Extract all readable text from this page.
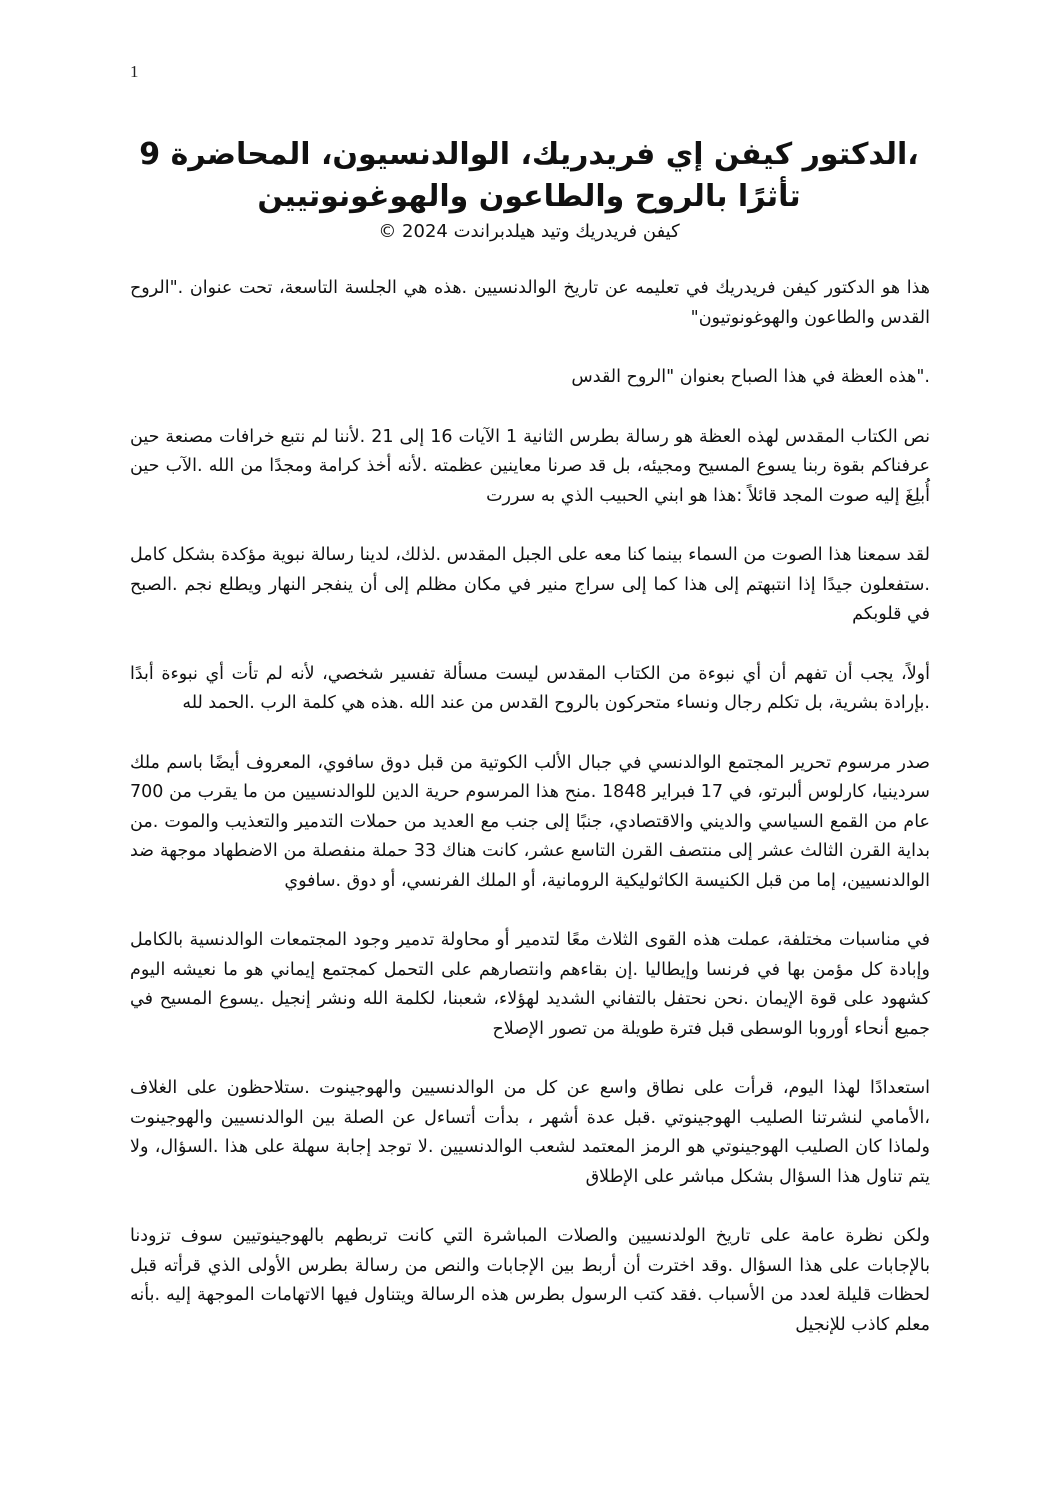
1
،الدكتور كيفن إي فريدريك، الوالدنسيون، المحاضرة 9
تأثرًا بالروح والطاعون والهوغونوتيين
كيفن فريدريك وتيد هيلدبراندت 2024 ©

هذا هو الدكتور كيفن فريدريك في تعليمه عن تاريخ الوالدنسيين .هذه هي الجلسة التاسعة، تحت عنوان ."الروح القدس والطاعون والهوغونوتيون"

."هذه العظة في هذا الصباح بعنوان "الروح القدس

نص الكتاب المقدس لهذه العظة هو رسالة بطرس الثانية 1 الآيات 16 إلى 21 .لأننا لم نتبع خرافات مصنعة حين عرفناكم بقوة ربنا يسوع المسيح ومجيئه، بل قد صرنا معاينين عظمته .لأنه أخذ كرامة ومجدًا من الله .الآب حين أُبلِغَ إليه صوت المجد قائلاً :هذا هو ابني الحبيب الذي به سررت

لقد سمعنا هذا الصوت من السماء بينما كنا معه على الجبل المقدس .لذلك، لدينا رسالة نبوية مؤكدة بشكل كامل .ستفعلون جيدًا إذا انتبهتم إلى هذا كما إلى سراج منير في مكان مظلم إلى أن ينفجر النهار ويطلع نجم .الصبح في قلوبكم

أولاً، يجب أن تفهم أن أي نبوءة من الكتاب المقدس ليست مسألة تفسير شخصي، لأنه لم تأت أي نبوءة أبدًا .بإرادة بشرية، بل تكلم رجال ونساء متحركون بالروح القدس من عند الله .هذه هي كلمة الرب .الحمد لله

صدر مرسوم تحرير المجتمع الوالدنسي في جبال الألب الكوتية من قبل دوق سافوي، المعروف أيضًا باسم ملك سردينيا، كارلوس ألبرتو، في 17 فبراير 1848 .منح هذا المرسوم حرية الدين للوالدنسيين من ما يقرب من 700 عام من القمع السياسي والديني والاقتصادي، جنبًا إلى جنب مع العديد من حملات التدمير والتعذيب والموت .من بداية القرن الثالث عشر إلى منتصف القرن التاسع عشر، كانت هناك 33 حملة منفصلة من الاضطهاد موجهة ضد الوالدنسيين، إما من قبل الكنيسة الكاثوليكية الرومانية، أو الملك الفرنسي، أو دوق .سافوي

في مناسبات مختلفة، عملت هذه القوى الثلاث معًا لتدمير أو محاولة تدمير وجود المجتمعات الوالدنسية بالكامل وإبادة كل مؤمن بها في فرنسا وإيطاليا .إن بقاءهم وانتصارهم على التحمل كمجتمع إيماني هو ما نعيشه اليوم كشهود على قوة الإيمان .نحن نحتفل بالتفاني الشديد لهؤلاء، شعبنا، لكلمة الله ونشر إنجيل .يسوع المسيح في جميع أنحاء أوروبا الوسطى قبل فترة طويلة من تصور الإصلاح

استعدادًا لهذا اليوم، قرأت على نطاق واسع عن كل من الوالدنسيين والهوجينوت .ستلاحظون على الغلاف ،الأمامي لنشرتنا الصليب الهوجينوتي .قبل عدة أشهر ، بدأت أتساءل عن الصلة بين الوالدنسيين والهوجينوت ولماذا كان الصليب الهوجينوتي هو الرمز المعتمد لشعب الوالدنسيين .لا توجد إجابة سهلة على هذا .السؤال، ولا يتم تناول هذا السؤال بشكل مباشر على الإطلاق

ولكن نظرة عامة على تاريخ الولدنسيين والصلات المباشرة التي كانت تربطهم بالهوجينوتيين سوف تزودنا بالإجابات على هذا السؤال .وقد اخترت أن أربط بين الإجابات والنص من رسالة بطرس الأولى الذي قرأته قبل لحظات قليلة لعدد من الأسباب .فقد كتب الرسول بطرس هذه الرسالة ويتناول فيها الاتهامات الموجهة إليه .بأنه معلم كاذب للإنجيل
